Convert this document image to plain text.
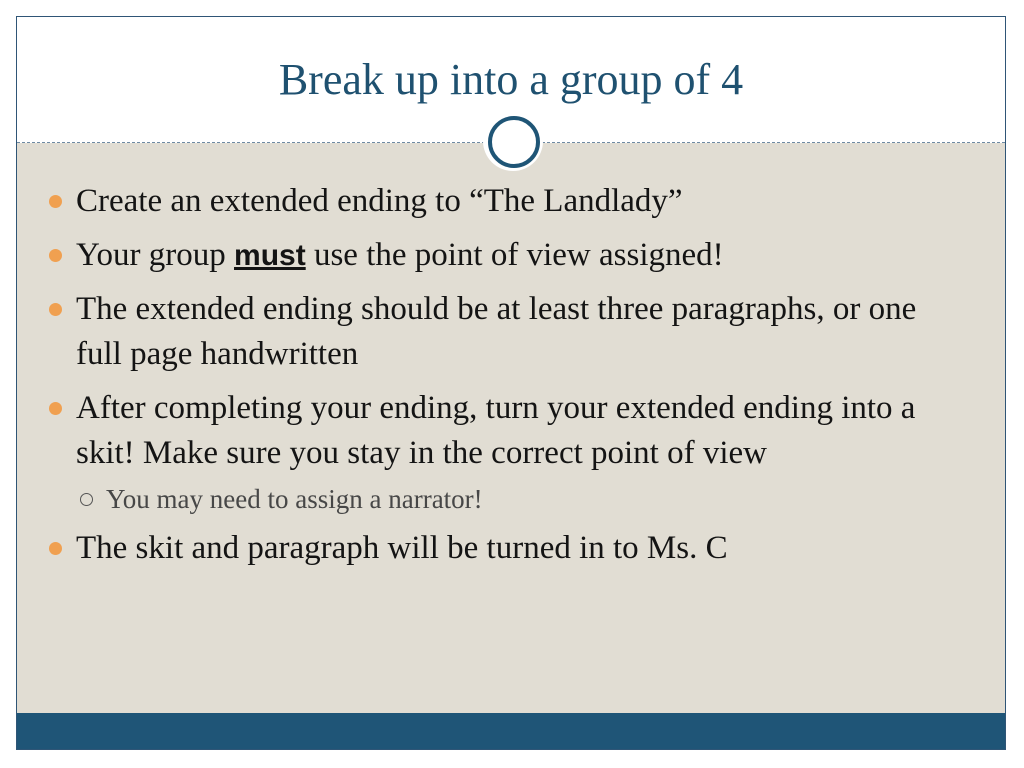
Break up into a group of 4
Create an extended ending to “The Landlady”
Your group must use the point of view assigned!
The extended ending should be at least three paragraphs, or one full page handwritten
After completing your ending, turn your extended ending into a skit! Make sure you stay in the correct point of view
You may need to assign a narrator!
The skit and paragraph will be turned in to Ms. C
